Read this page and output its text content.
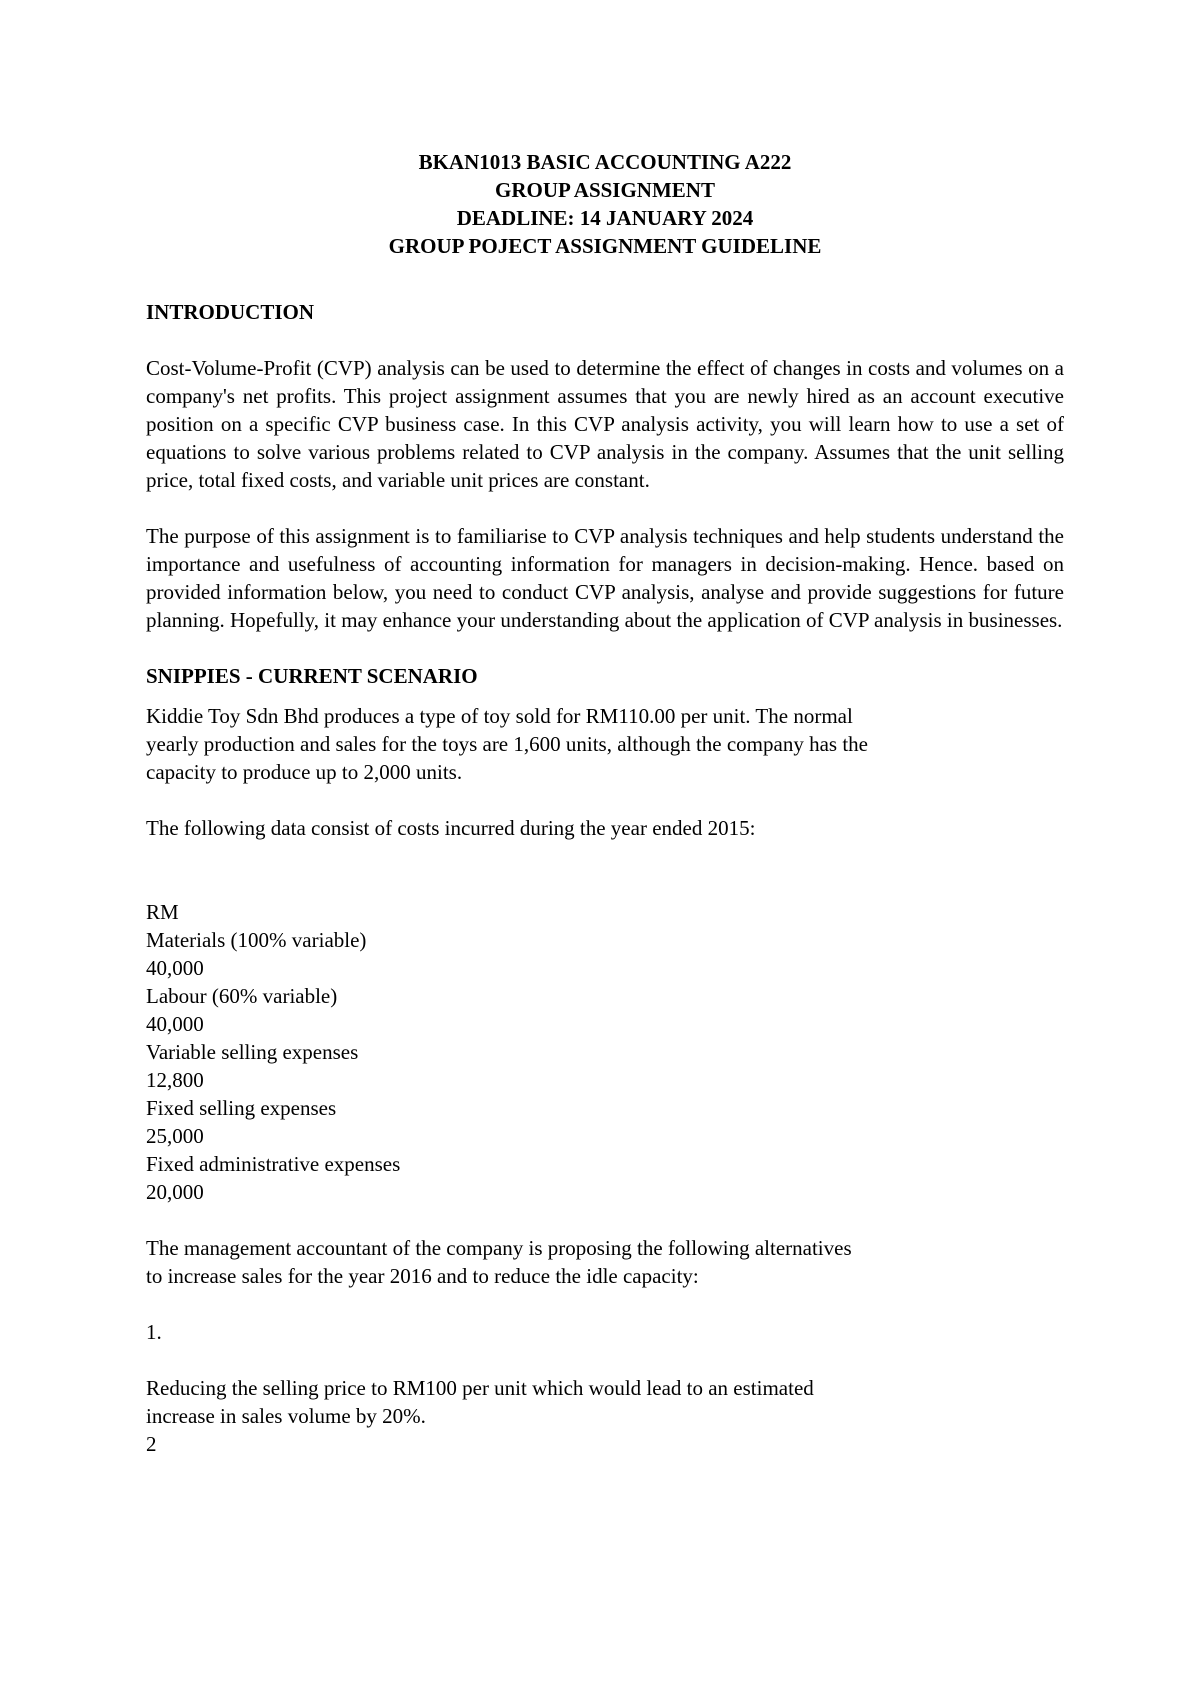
BKAN1013 BASIC ACCOUNTING A222
GROUP ASSIGNMENT
DEADLINE: 14 JANUARY 2024
GROUP POJECT ASSIGNMENT GUIDELINE
INTRODUCTION

Cost-Volume-Profit (CVP) analysis can be used to determine the effect of changes in costs and volumes on a company's net profits. This project assignment assumes that you are newly hired as an account executive position on a specific CVP business case. In this CVP analysis activity, you will learn how to use a set of equations to solve various problems related to CVP analysis in the company. Assumes that the unit selling price, total fixed costs, and variable unit prices are constant.

The purpose of this assignment is to familiarise to CVP analysis techniques and help students understand the importance and usefulness of accounting information for managers in decision-making. Hence. based on provided information below, you need to conduct CVP analysis, analyse and provide suggestions for future planning. Hopefully, it may enhance your understanding about the application of CVP analysis in businesses.

SNIPPIES - CURRENT SCENARIO
Kiddie Toy Sdn Bhd produces a type of toy sold for RM110.00 per unit. The normal
yearly production and sales for the toys are 1,600 units, although the company has the
capacity to produce up to 2,000 units.
The following data consist of costs incurred during the year ended 2015:
RM
Materials (100% variable)
40,000
Labour (60% variable)
40,000
Variable selling expenses
12,800
Fixed selling expenses
25,000
Fixed administrative expenses
20,000
The management accountant of the company is proposing the following alternatives
to increase sales for the year 2016 and to reduce the idle capacity:
1.
Reducing the selling price to RM100 per unit which would lead to an estimated
increase in sales volume by 20%.
2
